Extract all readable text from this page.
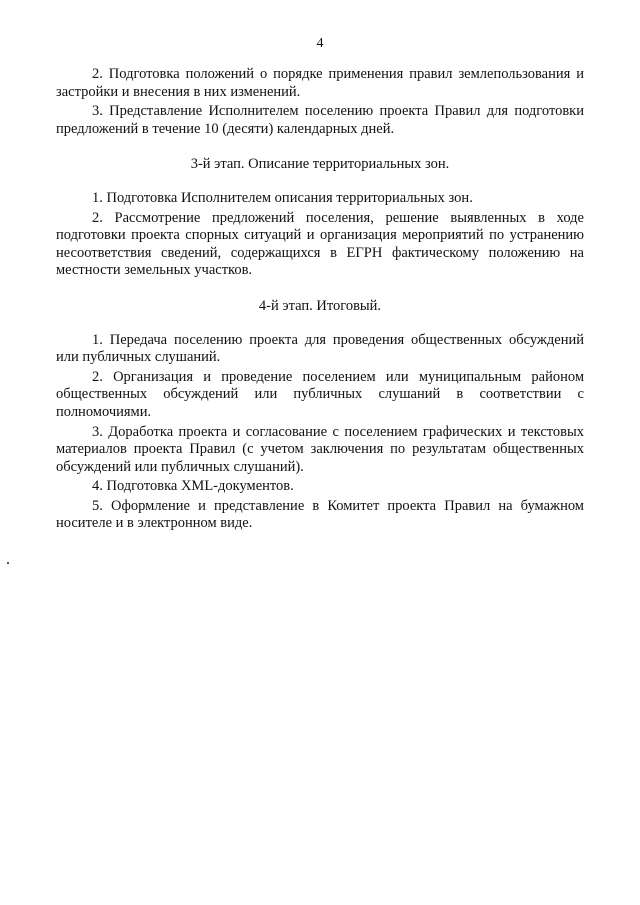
4

2. Подготовка положений о порядке применения правил землепользования и застройки и внесения в них изменений.

3. Представление Исполнителем поселению проекта Правил для подготовки предложений в течение 10 (десяти) календарных дней.

3-й этап. Описание территориальных зон.

1. Подготовка Исполнителем описания территориальных зон.

2. Рассмотрение предложений поселения, решение выявленных в ходе подготовки проекта спорных ситуаций и организация мероприятий по устранению несоответствия сведений, содержащихся в ЕГРН фактическому положению на местности земельных участков.

4-й этап. Итоговый.

1. Передача поселению проекта для проведения общественных обсуждений или публичных слушаний.

2. Организация и проведение поселением или муниципальным районом общественных обсуждений или публичных слушаний в соответствии с полномочиями.

3. Доработка проекта и согласование с поселением графических и текстовых материалов проекта Правил (с учетом заключения по результатам общественных обсуждений или публичных слушаний).

4. Подготовка XML-документов.

5. Оформление и представление в Комитет проекта Правил на бумажном носителе и в электронном виде.
